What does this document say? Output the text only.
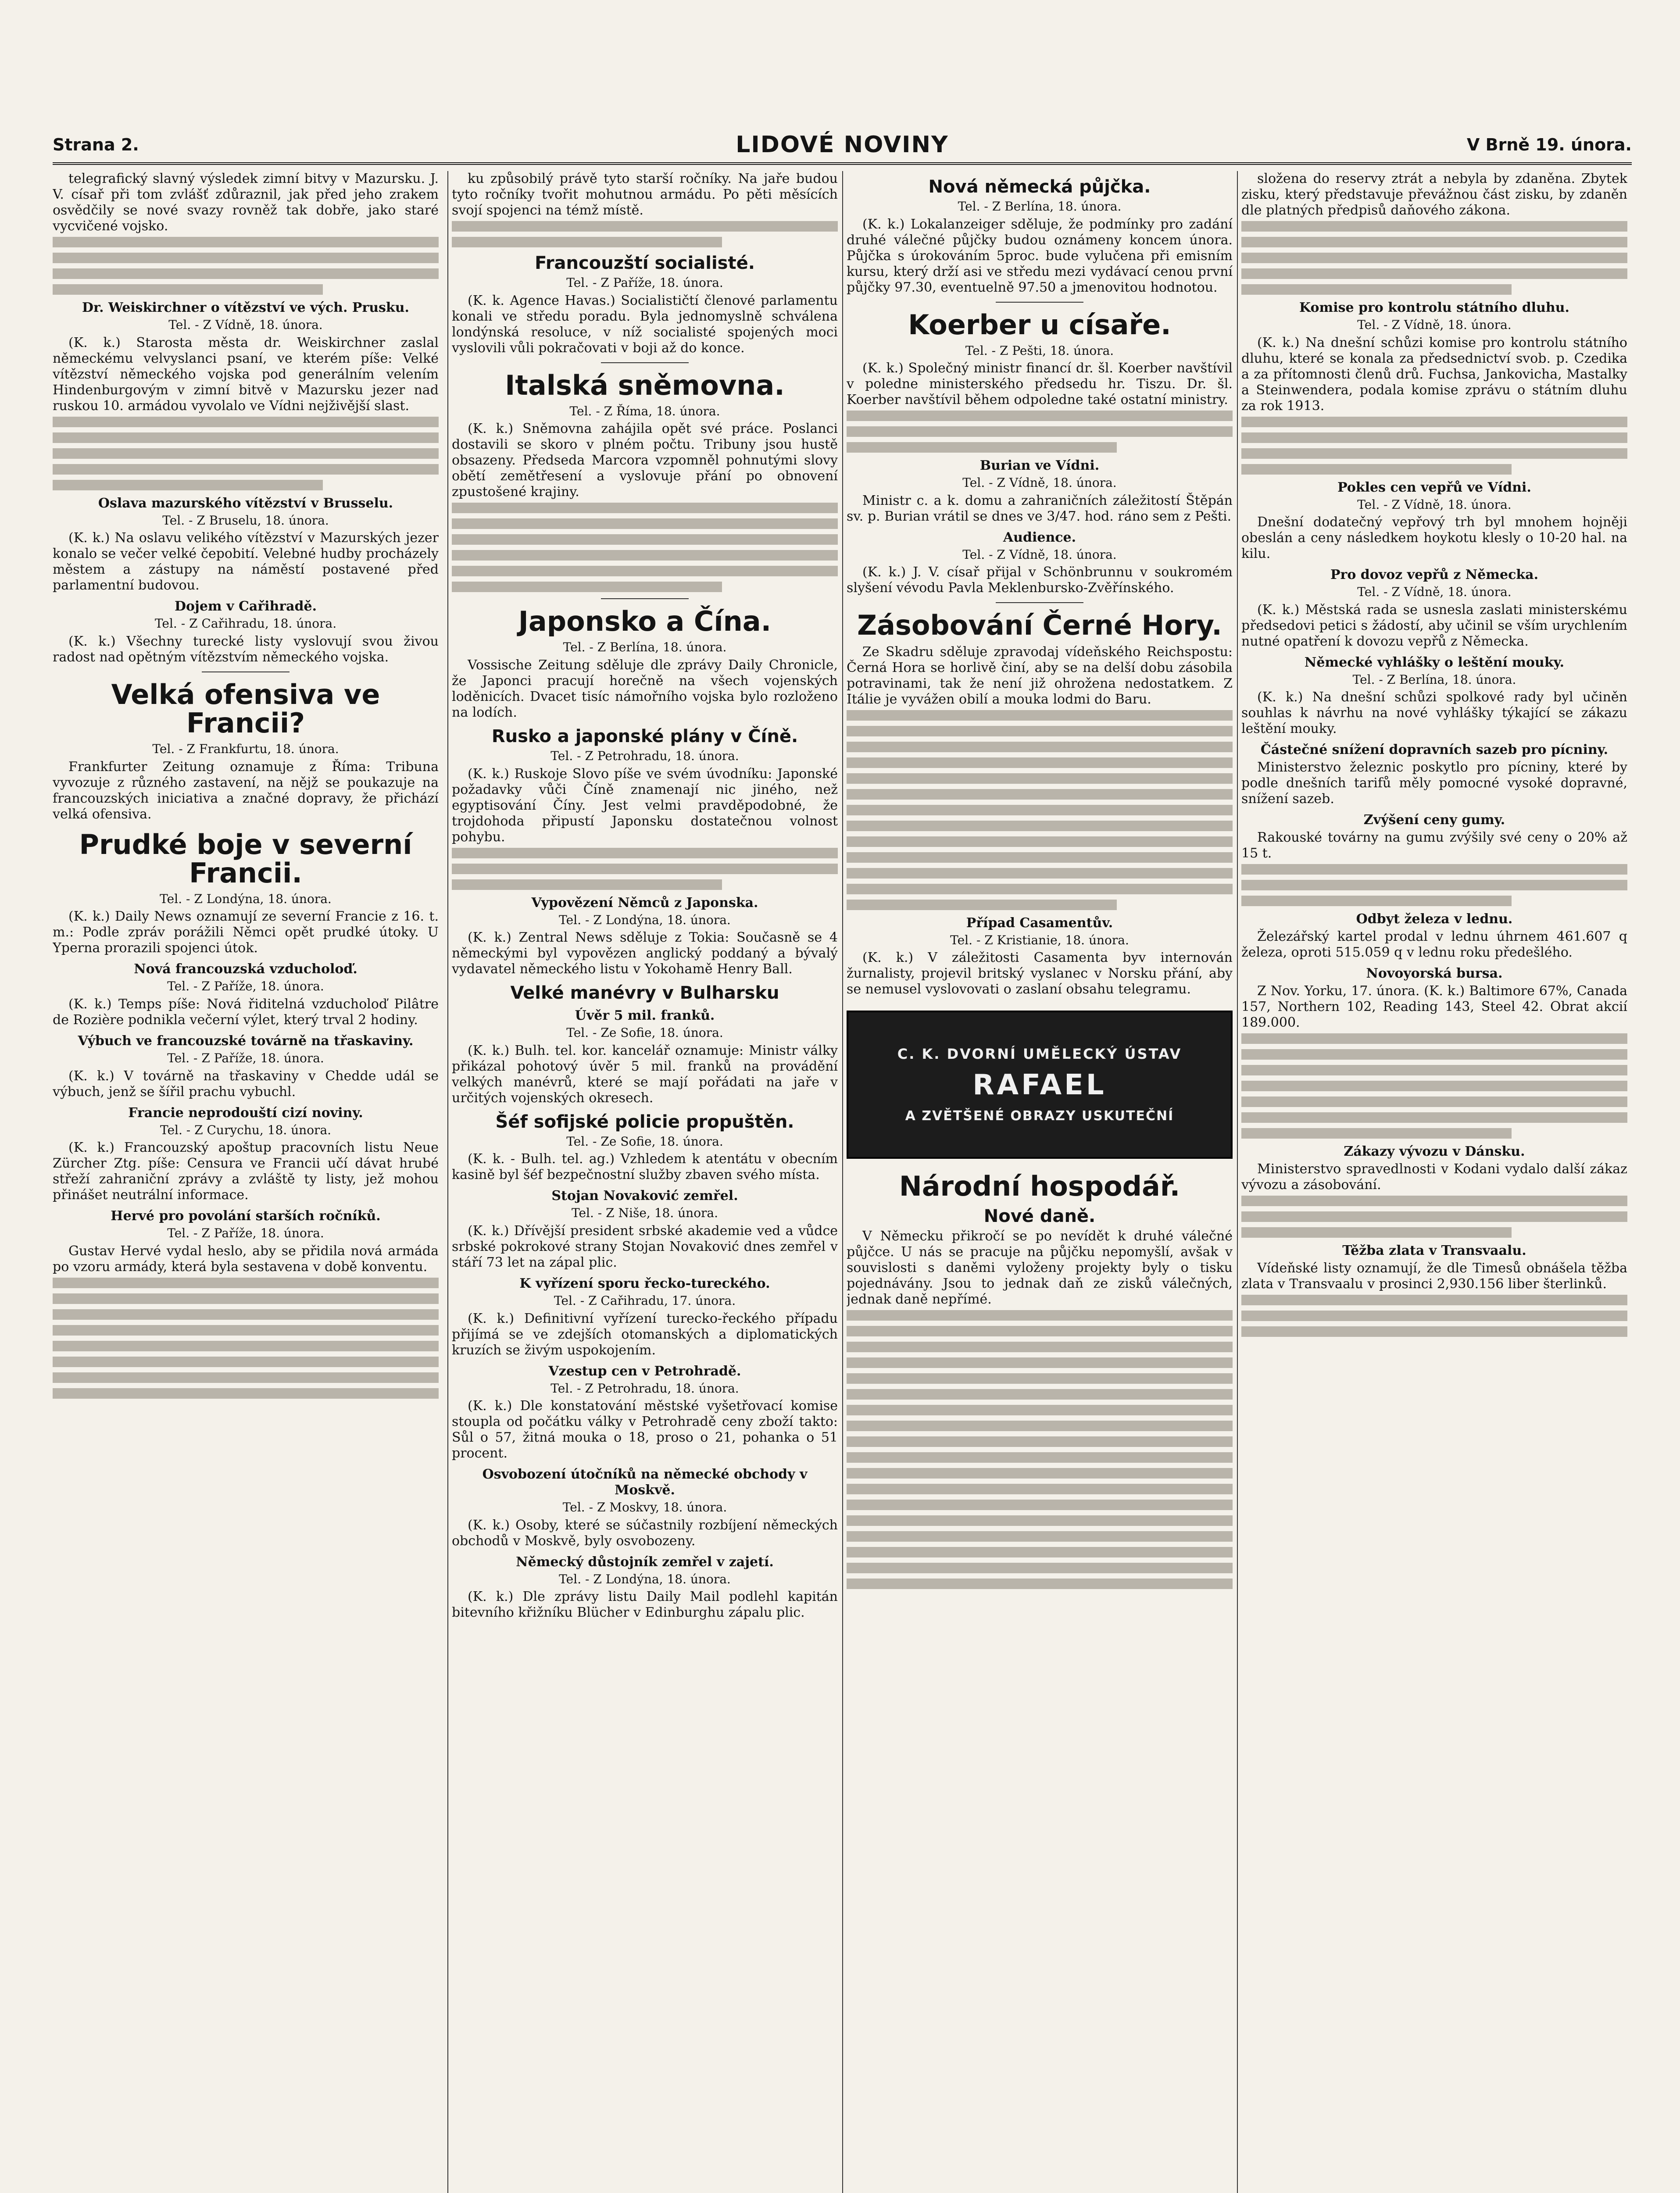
Strana 2.	LIDOVÉ NOVINY	V Brně 19. února.

telegrafický slavný výsledek zimní bitvy v Mazursku. J. V. císař při tom zvlášť zdůraznil, jak před jeho zrakem osvědčily se nové svazy rovněž tak dobře, jako staré vycvičené vojsko.

Dr. Weiskirchner o vítězství ve vých. Prusku.
Tel. - Z Vídně, 18. února.

(K. k.) Starosta města dr. Weiskirchner zaslal německému velvyslanci psaní, ve kterém píše: Velké vítězství německého vojska pod generálním velením Hindenburgovým v zimní bitvě v Mazursku jezer nad ruskou 10. armádou vyvolalo ve Vídni nejživější slast.

Oslava mazurského vítězství v Brusselu.
Tel. - Z Bruselu, 18. února.

(K. k.) Na oslavu velikého vítězství v Mazurských jezer konalo se večer velké čepobití. Velebné hudby procházely městem a zástupy na náměstí postavené před parlamentní budovou.

Dojem v Cařihradě.
Tel. - Z Cařihradu, 18. února.

(K. k.) Všechny turecké listy vyslovují svou živou radost nad opětným vítězstvím německého vojska.

Velká ofensiva ve Francii?
Tel. - Z Frankfurtu, 18. února.

Frankfurter Zeitung oznamuje z Říma: Tribuna vyvozuje z různého zastavení, na nějž se poukazuje na francouzských iniciativa a značné dopravy, že přichází velká ofensiva.

Prudké boje v severní Francii.
Tel. - Z Londýna, 18. února.

(K. k.) Daily News oznamují ze severní Francie z 16. t. m.: Podle zpráv porážili Němci opět prudké útoky. U Yperna prorazili spojenci útok.

Nová francouzská vzducholoď.
Tel. - Z Paříže, 18. února.

(K. k.) Temps píše: Nová řiditelná vzducholoď Pilâtre de Rozière podnikla večerní výlet, který trval 2 hodiny.

Výbuch ve francouzské továrně na třaskaviny.
Tel. - Z Paříže, 18. února.

(K. k.) V továrně na třaskaviny v Chedde udál se výbuch, jenž se šířil prachu vybuchl.

Francie neprodouští cizí noviny.
Tel. - Z Curychu, 18. února.

(K. k.) Francouzský apoštup pracovních listu Neue Zürcher Ztg. píše: Censura ve Francii učí dávat hrubé střeží zahraniční zprávy a zvláště ty listy, jež mohou přinášet neutrální informace.

Hervé pro povolání starších ročníků.
Tel. - Z Paříže, 18. února.

Gustav Hervé vydal heslo, aby se přidila nová armáda po vzoru armády, která byla sestavena v době konventu.

ku způsobilý právě tyto starší ročníky. Na jaře budou tyto ročníky tvořit mohutnou armádu. Po pěti měsících svojí spojenci na témž místě.

Francouzští socialisté.
Tel. - Z Paříže, 18. února.

(K. k. Agence Havas.) Socialističtí členové parlamentu konali ve středu poradu. Byla jednomyslně schválena londýnská resoluce, v níž socialisté spojených moci vyslovili vůli pokračovati v boji až do konce.

Italská sněmovna.
Tel. - Z Říma, 18. února.

(K. k.) Sněmovna zahájila opět své práce. Poslanci dostavili se skoro v plném počtu. Tribuny jsou hustě obsazeny. Předseda Marcora vzpomněl pohnutými slovy obětí zemětřesení a vyslovuje přání po obnovení zpustošené krajiny.

Japonsko a Čína.
Tel. - Z Berlína, 18. února.

Vossische Zeitung sděluje dle zprávy Daily Chronicle, že Japonci pracují horečně na všech vojenských loděnicích. Dvacet tisíc námořního vojska bylo rozloženo na lodích.

Rusko a japonské plány v Číně.
Tel. - Z Petrohradu, 18. února.

(K. k.) Ruskoje Slovo píše ve svém úvodníku: Japonské požadavky vůči Číně znamenají nic jiného, než egyptisování Číny. Jest velmi pravděpodobné, že trojdohoda připustí Japonsku dostatečnou volnost pohybu.

Vypovězení Němců z Japonska.
Tel. - Z Londýna, 18. února.

(K. k.) Zentral News sděluje z Tokia: Současně se 4 německými byl vypovězen anglický poddaný a bývalý vydavatel německého listu v Yokohamě Henry Ball.

Velké manévry v Bulharsku
Úvěr 5 mil. franků.
Tel. - Ze Sofie, 18. února.

(K. k.) Bulh. tel. kor. kancelář oznamuje: Ministr války přikázal pohotový úvěr 5 mil. franků na provádění velkých manévrů, které se mají pořádati na jaře v určitých vojenských okresech.

Šéf sofijské policie propuštěn.
Tel. - Ze Sofie, 18. února.

(K. k. - Bulh. tel. ag.) Vzhledem k atentátu v obecním kasině byl šéf bezpečnostní služby zbaven svého místa.

Stojan Novaković zemřel.
Tel. - Z Niše, 18. února.

(K. k.) Dřívější president srbské akademie ved a vůdce srbské pokrokové strany Stojan Novaković dnes zemřel v stáří 73 let na zápal plic.

K vyřízení sporu řecko-tureckého.
Tel. - Z Cařihradu, 17. února.

(K. k.) Definitivní vyřízení turecko-řeckého případu přijímá se ve zdejších otomanských a diplomatických kruzích se živým uspokojením.

Vzestup cen v Petrohradě.
Tel. - Z Petrohradu, 18. února.

(K. k.) Dle konstatování městské vyšetřovací komise stoupla od počátku války v Petrohradě ceny zboží takto: Sůl o 57, žitná mouka o 18, proso o 21, pohanka o 51 procent.

Osvobození útočníků na německé obchody v Moskvě.
Tel. - Z Moskvy, 18. února.

(K. k.) Osoby, které se súčastnily rozbíjení německých obchodů v Moskvě, byly osvobozeny.

Německý důstojník zemřel v zajetí.
Tel. - Z Londýna, 18. února.

(K. k.) Dle zprávy listu Daily Mail podlehl kapitán bitevního křižníku Blücher v Edinburghu zápalu plic.

Nová německá půjčka.
Tel. - Z Berlína, 18. února.

(K. k.) Lokalanzeiger sděluje, že podmínky pro zadání druhé válečné půjčky budou oznámeny koncem února. Půjčka s úrokováním 5proc. bude vylučena při emisním kursu, který drží asi ve středu mezi vydávací cenou první půjčky 97.30, eventuelně 97.50 a jmenovitou hodnotou.

Koerber u císaře.
Tel. - Z Pešti, 18. února.

(K. k.) Společný ministr financí dr. šl. Koerber navštívil v poledne ministerského předsedu hr. Tiszu. Dr. šl. Koerber navštívil během odpoledne také ostatní ministry.

Burian ve Vídni.
Tel. - Z Vídně, 18. února.

Ministr c. a k. domu a zahraničních záležitostí Štěpán sv. p. Burian vrátil se dnes ve 3/47. hod. ráno sem z Pešti.

Audience.
Tel. - Z Vídně, 18. února.

(K. k.) J. V. císař přijal v Schönbrunnu v soukromém slyšení vévodu Pavla Meklenbursko-Zvěřínského.

Zásobování Černé Hory.

Ze Skadru sděluje zpravodaj vídeňského Reichspostu: Černá Hora se horlivě činí, aby se na delší dobu zásobila potravinami, tak že není již ohrožena nedostatkem. Z Itálie je vyvážen obilí a mouka lodmi do Baru.

Případ Casamentův.
Tel. - Z Kristianie, 18. února.

(K. k.) V záležitosti Casamenta byv internován žurnalisty, projevil britský vyslanec v Norsku přání, aby se nemusel vyslovovati o zaslaní obsahu telegramu.

C. K. DVORNÍ UMĚLECKÝ ÚSTAV
RAFAEL
A ZVĚTŠENÉ OBRAZY USKUTEČNÍ
Národní hospodář.
Nové daně.

V Německu přikročí se po nevídět k druhé válečné půjčce. U nás se pracuje na půjčku nepomyšlí, avšak v souvislosti s daněmi vyloženy projekty byly o tisku pojednávány. Jsou to jednak daň ze zisků válečných, jednak daně nepřímé.

složena do reservy ztrát a nebyla by zdaněna. Zbytek zisku, který představuje převážnou část zisku, by zdaněn dle platných předpisů daňového zákona.

Komise pro kontrolu státního dluhu.
Tel. - Z Vídně, 18. února.

(K. k.) Na dnešní schůzi komise pro kontrolu státního dluhu, které se konala za předsednictví svob. p. Czedika a za přítomnosti členů drů. Fuchsa, Jankovicha, Mastalky a Steinwendera, podala komise zprávu o státním dluhu za rok 1913.

Pokles cen vepřů ve Vídni.
Tel. - Z Vídně, 18. února.

Dnešní dodatečný vepřový trh byl mnohem hojněji obeslán a ceny následkem hoykotu klesly o 10-20 hal. na kilu.

Pro dovoz vepřů z Německa.
Tel. - Z Vídně, 18. února.

(K. k.) Městská rada se usnesla zaslati ministerskému předsedovi petici s žádostí, aby učinil se vším urychlením nutné opatření k dovozu vepřů z Německa.

Německé vyhlášky o leštění mouky.
Tel. - Z Berlína, 18. února.

(K. k.) Na dnešní schůzi spolkové rady byl učiněn souhlas k návrhu na nové vyhlášky týkající se zákazu leštění mouky.

Částečné snížení dopravních sazeb pro pícniny.

Ministerstvo železnic poskytlo pro pícniny, které by podle dnešních tarifů měly pomocné vysoké dopravné, snížení sazeb.

Zvýšení ceny gumy.

Rakouské továrny na gumu zvýšily své ceny o 20% až 15 t.

Odbyt železa v lednu.

Železářský kartel prodal v lednu úhrnem 461.607 q železa, oproti 515.059 q v lednu roku předešlého.

Novoyorská bursa.

Z Nov. Yorku, 17. února. (K. k.) Baltimore 67%, Canada 157, Northern 102, Reading 143, Steel 42. Obrat akcií 189.000.

Zákazy vývozu v Dánsku.

Ministerstvo spravedlnosti v Kodani vydalo další zákaz vývozu a zásobování.

Těžba zlata v Transvaalu.

Vídeňské listy oznamují, že dle Timesů obnášela těžba zlata v Transvaalu v prosinci 2,930.156 liber šterlinků.
